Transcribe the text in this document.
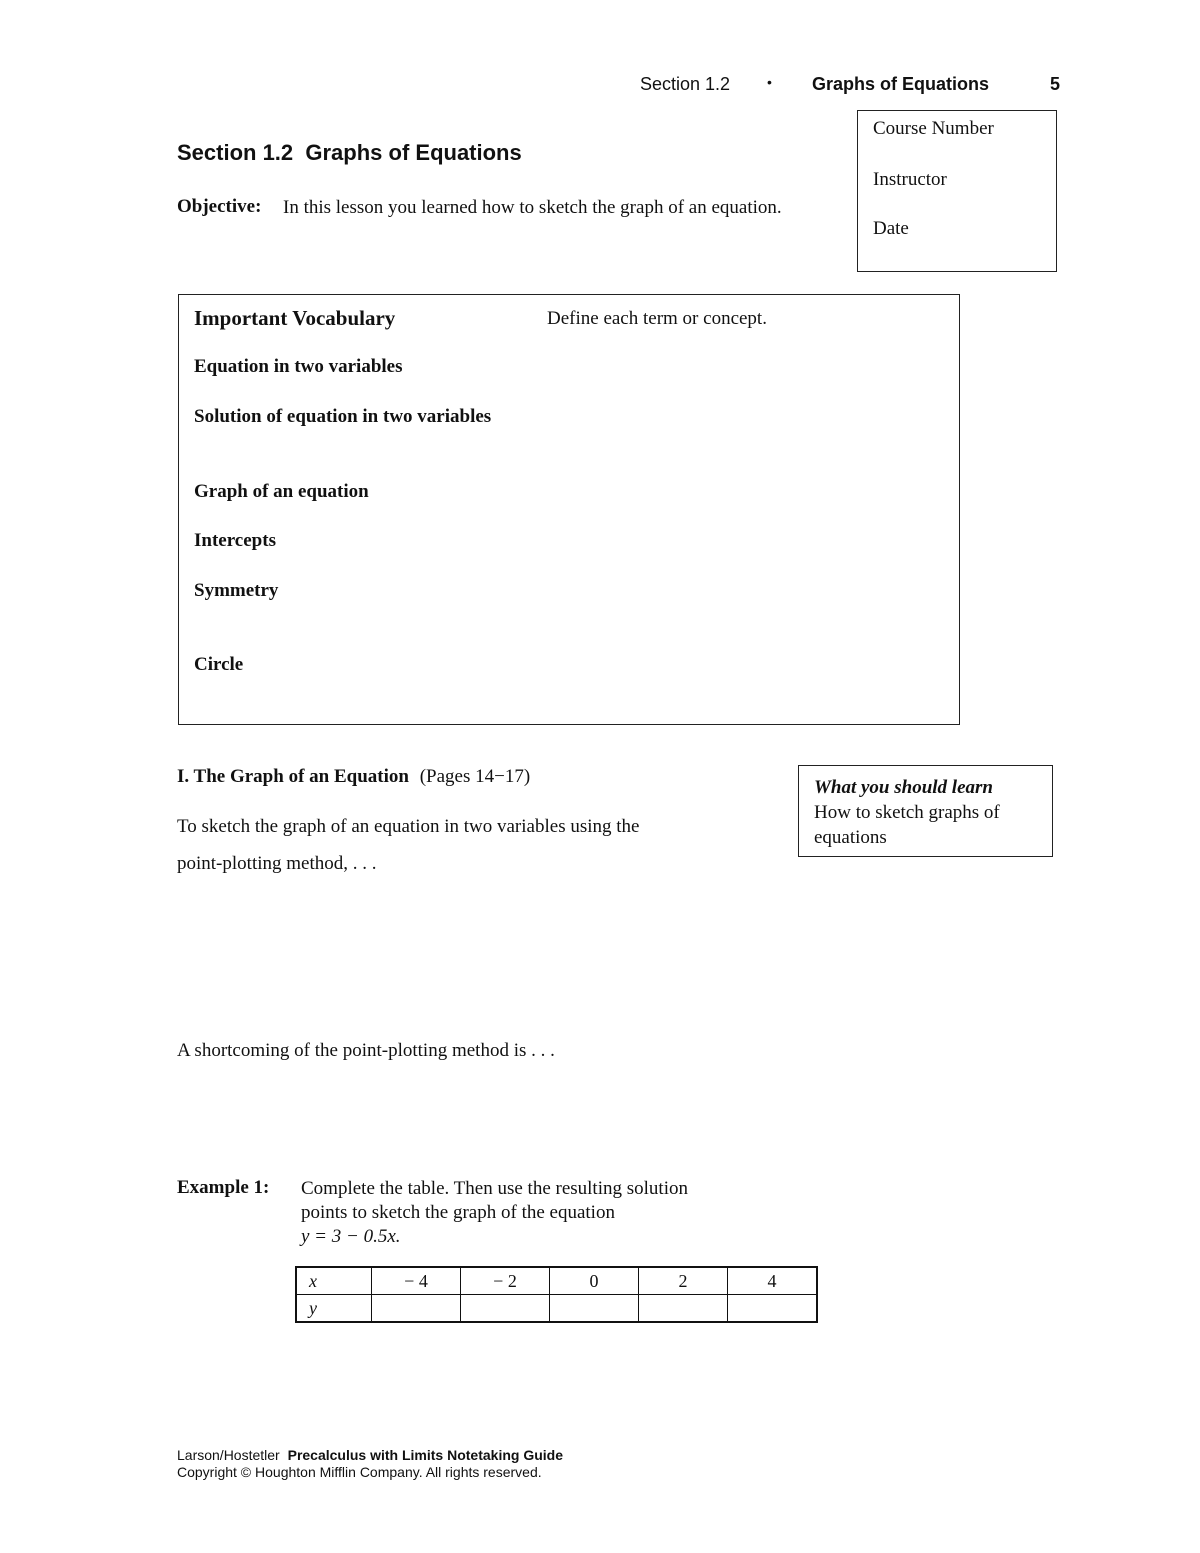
Section 1.2	• Graphs of Equations	5
Course Number
Instructor
Date
Section 1.2  Graphs of Equations
Objective: In this lesson you learned how to sketch the graph of an equation.
Important Vocabulary	Define each term or concept.
Equation in two variables
Solution of equation in two variables
Graph of an equation
Intercepts
Symmetry
Circle
I. The Graph of an Equation (Pages 14−17)
What you should learn
How to sketch graphs of equations
To sketch the graph of an equation in two variables using the
point-plotting method, . . .
A shortcoming of the point-plotting method is . . .
Example 1: Complete the table. Then use the resulting solution
points to sketch the graph of the equation
y = 3 − 0.5x.
x	− 4	− 2	0	2	4
y					
Larson/Hostetler Precalculus with Limits Notetaking Guide
Copyright © Houghton Mifflin Company. All rights reserved.
